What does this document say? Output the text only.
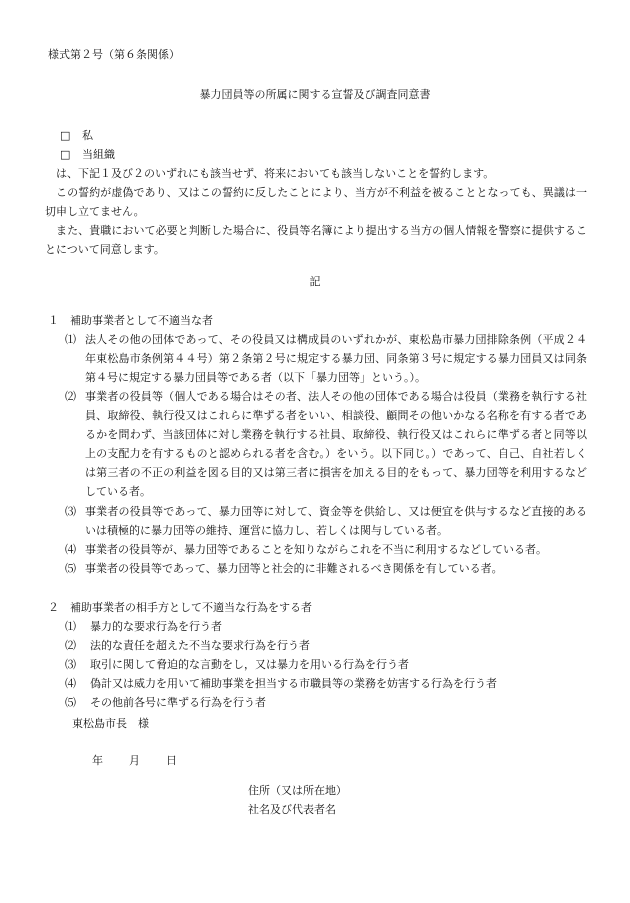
様式第２号（第６条関係）
暴力団員等の所属に関する宣誓及び調査同意書
□ 私
□ 当組織
は、下記１及び２のいずれにも該当せず、将来においても該当しないことを誓約します。
この誓約が虚偽であり、又はこの誓約に反したことにより、当方が不利益を被ることとなっても、異議は一切申し立てません。
また、貴職において必要と判断した場合に、役員等名簿により提出する当方の個人情報を警察に提供することについて同意します。
記
１　補助事業者として不適当な者
⑴ 法人その他の団体であって、その役員又は構成員のいずれかが、東松島市暴力団排除条例（平成２４年東松島市条例第４４号）第２条第２号に規定する暴力団、同条第３号に規定する暴力団員又は同条第４号に規定する暴力団員等である者（以下「暴力団等」という。）。
⑵ 事業者の役員等（個人である場合はその者、法人その他の団体である場合は役員（業務を執行する社員、取締役、執行役又はこれらに準ずる者をいい、相談役、顧問その他いかなる名称を有する者であるかを問わず、当該団体に対し業務を執行する社員、取締役、執行役又はこれらに準ずる者と同等以上の支配力を有するものと認められる者を含む。）をいう。以下同じ。）であって、自己、自社若しくは第三者の不正の利益を図る目的又は第三者に損害を加える目的をもって、暴力団等を利用するなどしている者。
⑶ 事業者の役員等であって、暴力団等に対して、資金等を供給し、又は便宜を供与するなど直接的あるいは積極的に暴力団等の維持、運営に協力し、若しくは関与している者。
⑷ 事業者の役員等が、暴力団等であることを知りながらこれを不当に利用するなどしている者。
⑸ 事業者の役員等であって、暴力団等と社会的に非難されるべき関係を有している者。
２　補助事業者の相手方として不適当な行為をする者
⑴ 暴力的な要求行為を行う者
⑵ 法的な責任を超えた不当な要求行為を行う者
⑶ 取引に関して脅迫的な言動をし，又は暴力を用いる行為を行う者
⑷ 偽計又は威力を用いて補助事業を担当する市職員等の業務を妨害する行為を行う者
⑸ その他前各号に準ずる行為を行う者
東松島市長　様
年 月 日
住所（又は所在地）
社名及び代表者名
